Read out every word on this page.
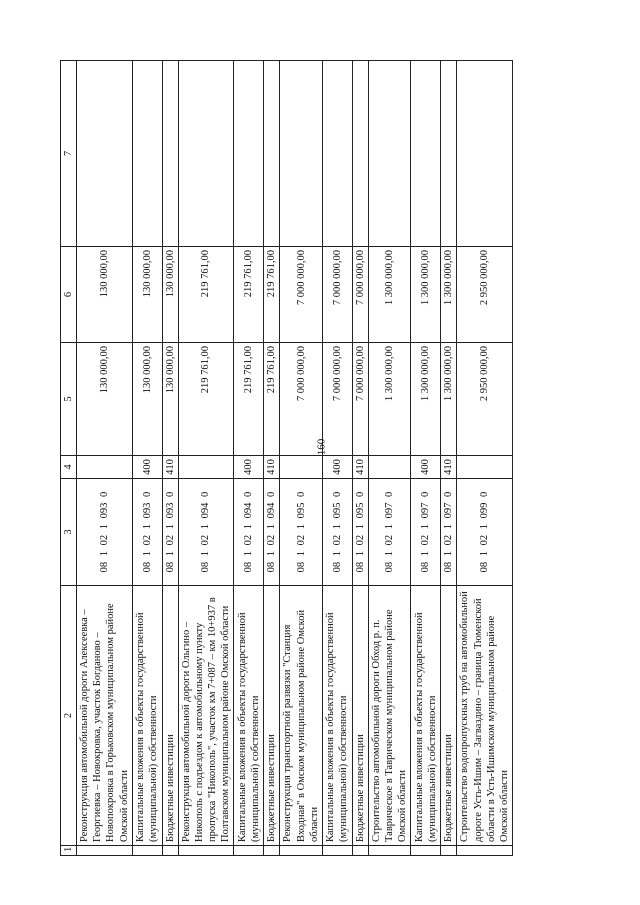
160
1	2	3	4	5	6	7
	Реконструкция автомобильной дороги Алексеевка – Георгиевка – Новокровка, участок Богданово – Новопокровка в Горьковском муниципальном районе Омской области	08 1 02 1 093 0		130 000,00	130 000,00	
	Капитальные вложения в объекты государственной (муниципальной) собственности	08 1 02 1 093 0	400	130 000,00	130 000,00	
	Бюджетные инвестиции	08 1 02 1 093 0	410	130 000,00	130 000,00	
	Реконструкция автомобильной дороги Ольгино – Никополь с подъездом к автомобильному пункту пропуска "Никополь", участок км 7+087 – км 10+937 в Полтавском муниципальном районе Омской области	08 1 02 1 094 0		219 761,00	219 761,00	
	Капитальные вложения в объекты государственной (муниципальной) собственности	08 1 02 1 094 0	400	219 761,00	219 761,00	
	Бюджетные инвестиции	08 1 02 1 094 0	410	219 761,00	219 761,00	
	Реконструкция транспортной развязки "Станция Входная" в Омском муниципальном районе Омской области	08 1 02 1 095 0		7 000 000,00	7 000 000,00	
	Капитальные вложения в объекты государственной (муниципальной) собственности	08 1 02 1 095 0	400	7 000 000,00	7 000 000,00	
	Бюджетные инвестиции	08 1 02 1 095 0	410	7 000 000,00	7 000 000,00	
	Строительство автомобильной дороги Обход р. п. Таврическое в Таврическом муниципальном районе Омской области	08 1 02 1 097 0		1 300 000,00	1 300 000,00	
	Капитальные вложения в объекты государственной (муниципальной) собственности	08 1 02 1 097 0	400	1 300 000,00	1 300 000,00	
	Бюджетные инвестиции	08 1 02 1 097 0	410	1 300 000,00	1 300 000,00	
	Строительство водопропускных труб на автомобильной дороге Усть-Ишим – Загваздино – граница Тюменской области в Усть-Ишимском муниципальном районе Омской области	08 1 02 1 099 0		2 950 000,00	2 950 000,00	
